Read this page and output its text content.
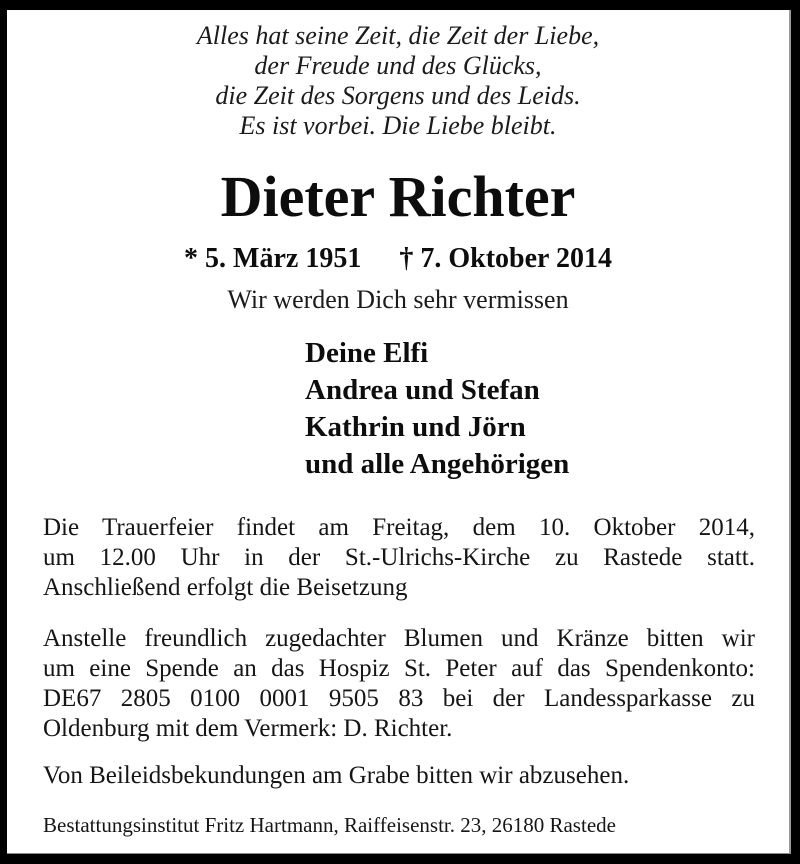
Alles hat seine Zeit, die Zeit der Liebe,
der Freude und des Glücks,
die Zeit des Sorgens und des Leids.
Es ist vorbei. Die Liebe bleibt.
Dieter Richter
* 5. März 1951 † 7. Oktober 2014
Wir werden Dich sehr vermissen
Deine Elfi
Andrea und Stefan
Kathrin und Jörn
und alle Angehörigen
Die Trauerfeier findet am Freitag, dem 10. Oktober 2014,
um 12.00 Uhr in der St.-Ulrichs-Kirche zu Rastede statt.
Anschließend erfolgt die Beisetzung
Anstelle freundlich zugedachter Blumen und Kränze bitten wir
um eine Spende an das Hospiz St. Peter auf das Spendenkonto:
DE67 2805 0100 0001 9505 83 bei der Landessparkasse zu
Oldenburg mit dem Vermerk: D. Richter.
Von Beileidsbekundungen am Grabe bitten wir abzusehen.
Bestattungsinstitut Fritz Hartmann, Raiffeisenstr. 23, 26180 Rastede
